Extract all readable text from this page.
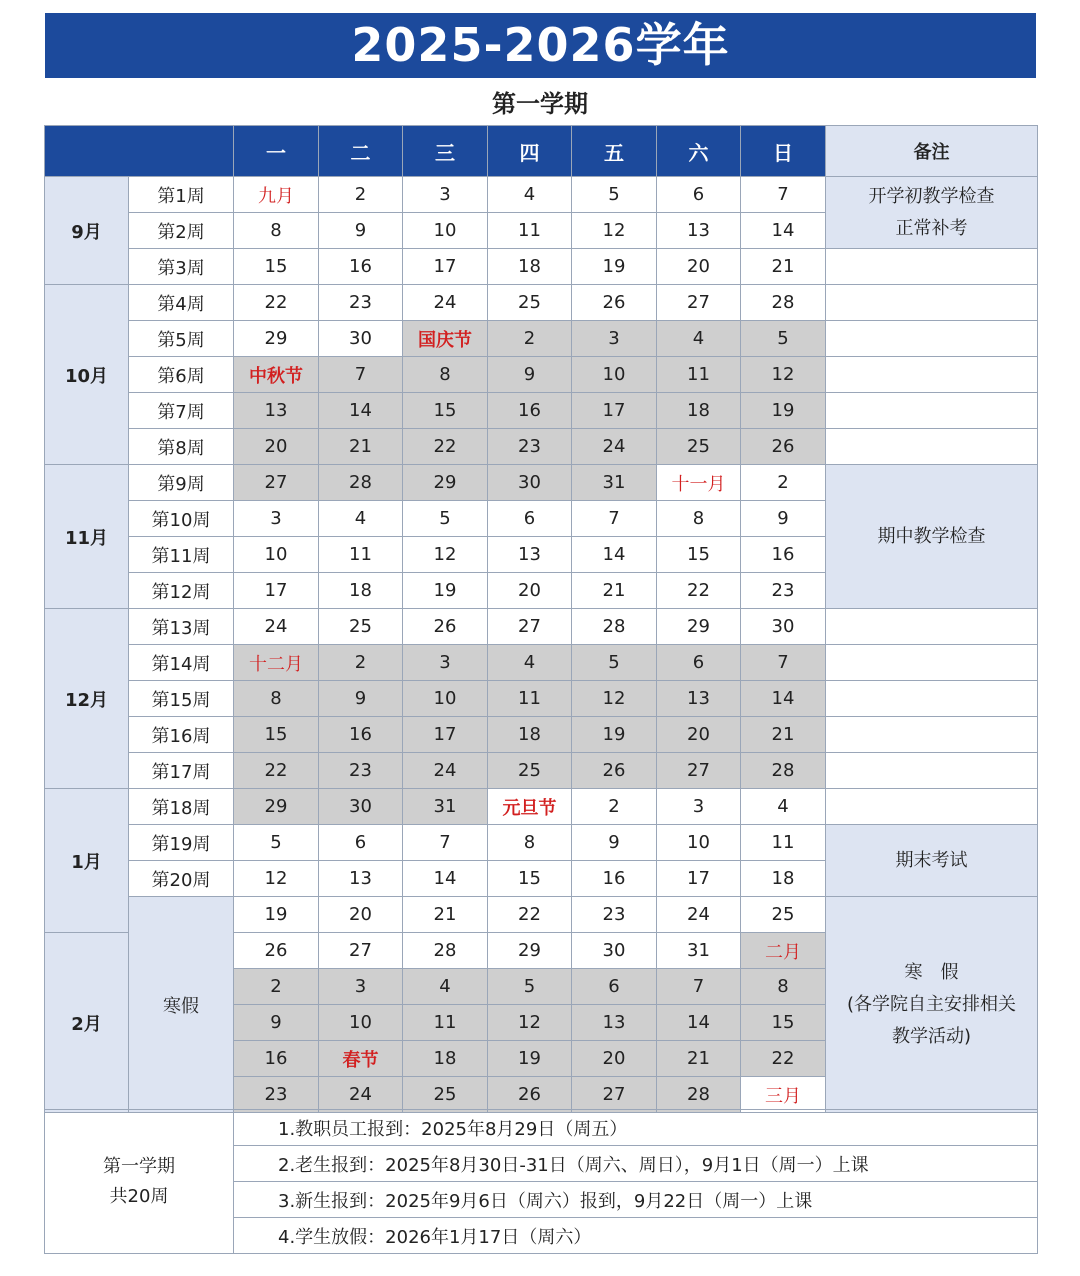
2025-2026学年
第一学期
		一	二	三	四	五	六	日	备注
9月	第1周	九月	2	3	4	5	6	7	开学初教学检查
正常补考

	第2周	8	9	10	11	12	13	14	
	第3周	15	16	17	18	19	20	21	
10月	第4周	22	23	24	25	26	27	28	
	第5周	29	30	国庆节	2	3	4	5	
	第6周	中秋节	7	8	9	10	11	12	
	第7周	13	14	15	16	17	18	19	
	第8周	20	21	22	23	24	25	26	
11月	第9周	27	28	29	30	31	十一月	2	期中教学检查

	第10周	3	4	5	6	7	8	9	
	第11周	10	11	12	13	14	15	16	
	第12周	17	18	19	20	21	22	23	
12月	第13周	24	25	26	27	28	29	30	
	第14周	十二月	2	3	4	5	6	7	
	第15周	8	9	10	11	12	13	14	
	第16周	15	16	17	18	19	20	21	
	第17周	22	23	24	25	26	27	28	
1月	第18周	29	30	31	元旦节	2	3	4	
	第19周	5	6	7	8	9	10	11	期末考试

	第20周	12	13	14	15	16	17	18	
	寒假	19	20	21	22	23	24	25	寒　假
(各学院自主安排相关
教学活动)

2月		26	27	28	29	30	31	二月	
		2	3	4	5	6	7	8	
		9	10	11	12	13	14	15	
		16	春节	18	19	20	21	22	
		23	24	25	26	27	28	三月	
第一学期
共20周
	1.教职员工报到：2025年8月29日（周五）
2.老生报到：2025年8月30日-31日（周六、周日），9月1日（周一）上课
3.新生报到：2025年9月6日（周六）报到，9月22日（周一）上课
4.学生放假：2026年1月17日（周六）
